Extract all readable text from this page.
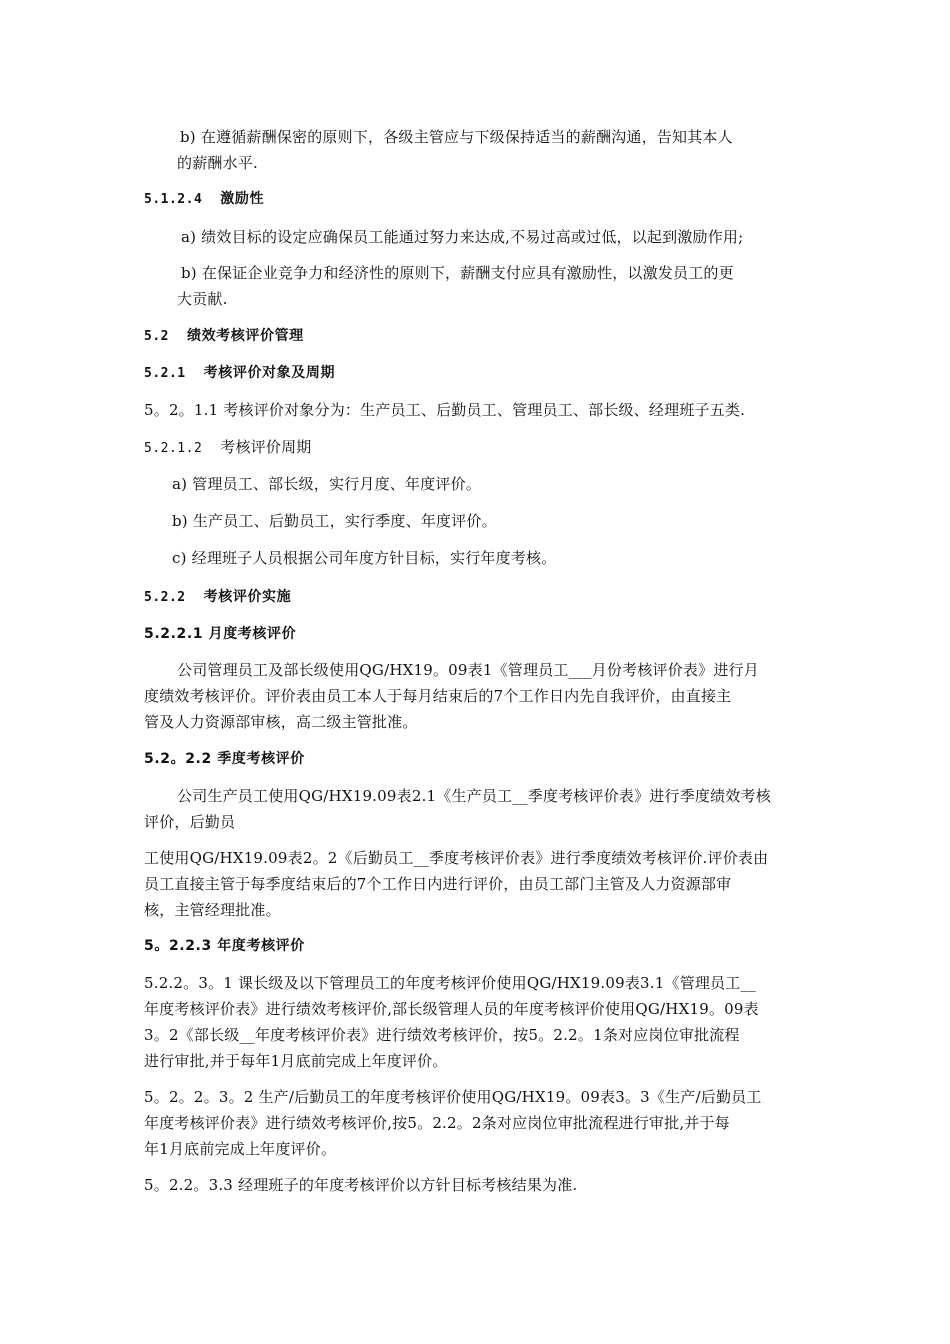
b) 在遵循薪酬保密的原则下，各级主管应与下级保持适当的薪酬沟通，告知其本人
的薪酬水平.
5.1.2.4 激励性
a) 绩效目标的设定应确保员工能通过努力来达成,不易过高或过低，以起到激励作用;
b) 在保证企业竞争力和经济性的原则下，薪酬支付应具有激励性，以激发员工的更
大贡献.
5.2 绩效考核评价管理
5.2.1 考核评价对象及周期
5。2。1.1 考核评价对象分为：生产员工、后勤员工、管理员工、部长级、经理班子五类.
5.2.1.2 考核评价周期
a) 管理员工、部长级，实行月度、年度评价。
b) 生产员工、后勤员工，实行季度、年度评价。
c) 经理班子人员根据公司年度方针目标，实行年度考核。
5.2.2 考核评价实施
5.2.2.1 月度考核评价
公司管理员工及部长级使用QG/HX19。09表1《管理员工___月份考核评价表》进行月
度绩效考核评价。评价表由员工本人于每月结束后的7个工作日内先自我评价，由直接主
管及人力资源部审核，高二级主管批准。
5.2。2.2 季度考核评价
公司生产员工使用QG/HX19.09表2.1《生产员工__季度考核评价表》进行季度绩效考核
评价，后勤员
工使用QG/HX19.09表2。2《后勤员工__季度考核评价表》进行季度绩效考核评价.评价表由
员工直接主管于每季度结束后的7个工作日内进行评价，由员工部门主管及人力资源部审
核，主管经理批准。
5。2.2.3 年度考核评价
5.2.2。3。1 课长级及以下管理员工的年度考核评价使用QG/HX19.09表3.1《管理员工__
年度考核评价表》进行绩效考核评价,部长级管理人员的年度考核评价使用QG/HX19。09表
3。2《部长级__年度考核评价表》进行绩效考核评价，按5。2.2。1条对应岗位审批流程
进行审批,并于每年1月底前完成上年度评价。
5。2。2。3。2 生产/后勤员工的年度考核评价使用QG/HX19。09表3。3《生产/后勤员工
年度考核评价表》进行绩效考核评价,按5。2.2。2条对应岗位审批流程进行审批,并于每
年1月底前完成上年度评价。
5。2.2。3.3 经理班子的年度考核评价以方针目标考核结果为准.
